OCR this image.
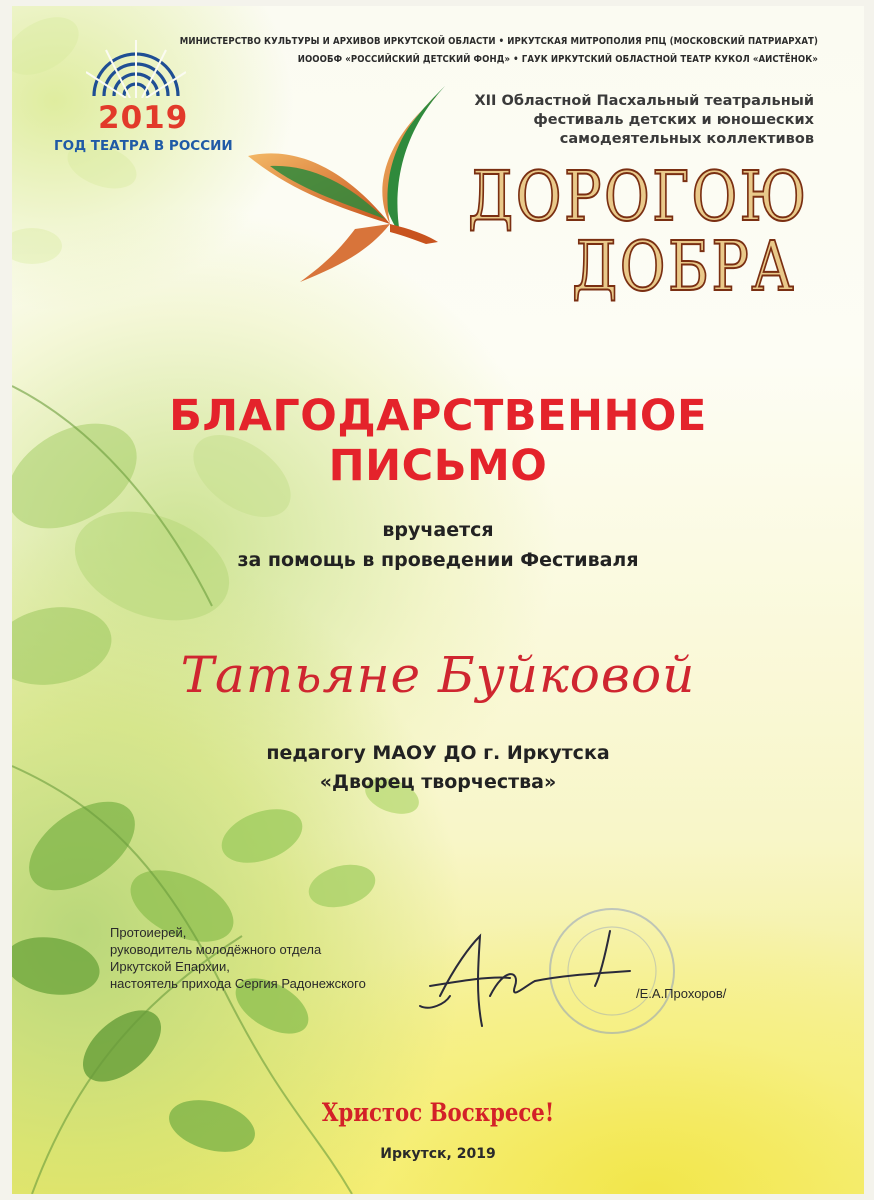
2019
ГОД ТЕАТРА В РОССИИ
МИНИСТЕРСТВО КУЛЬТУРЫ И АРХИВОВ ИРКУТСКОЙ ОБЛАСТИ • ИРКУТСКАЯ МИТРОПОЛИЯ РПЦ (МОСКОВСКИЙ ПАТРИАРХАТ)
ИОООБФ «РОССИЙСКИЙ ДЕТСКИЙ ФОНД» • ГАУК ИРКУТСКИЙ ОБЛАСТНОЙ ТЕАТР КУКОЛ «АИСТЁНОК»
XII Областной Пасхальный театральный
фестиваль детских и юношеских
самодеятельных коллективов
ДОРОГОЮ
ДОБРА
БЛАГОДАРСТВЕННОЕ
ПИСЬМО
вручается
за помощь в проведении Фестиваля
Татьяне Буйковой
педагогу МАОУ ДО г. Иркутска
«Дворец творчества»
Протоиерей,
руководитель молодёжного отдела
Иркутской Епархии,
настоятель прихода Сергия Радонежского
/Е.А.Прохоров/
Христос Воскресе!
Иркутск, 2019
